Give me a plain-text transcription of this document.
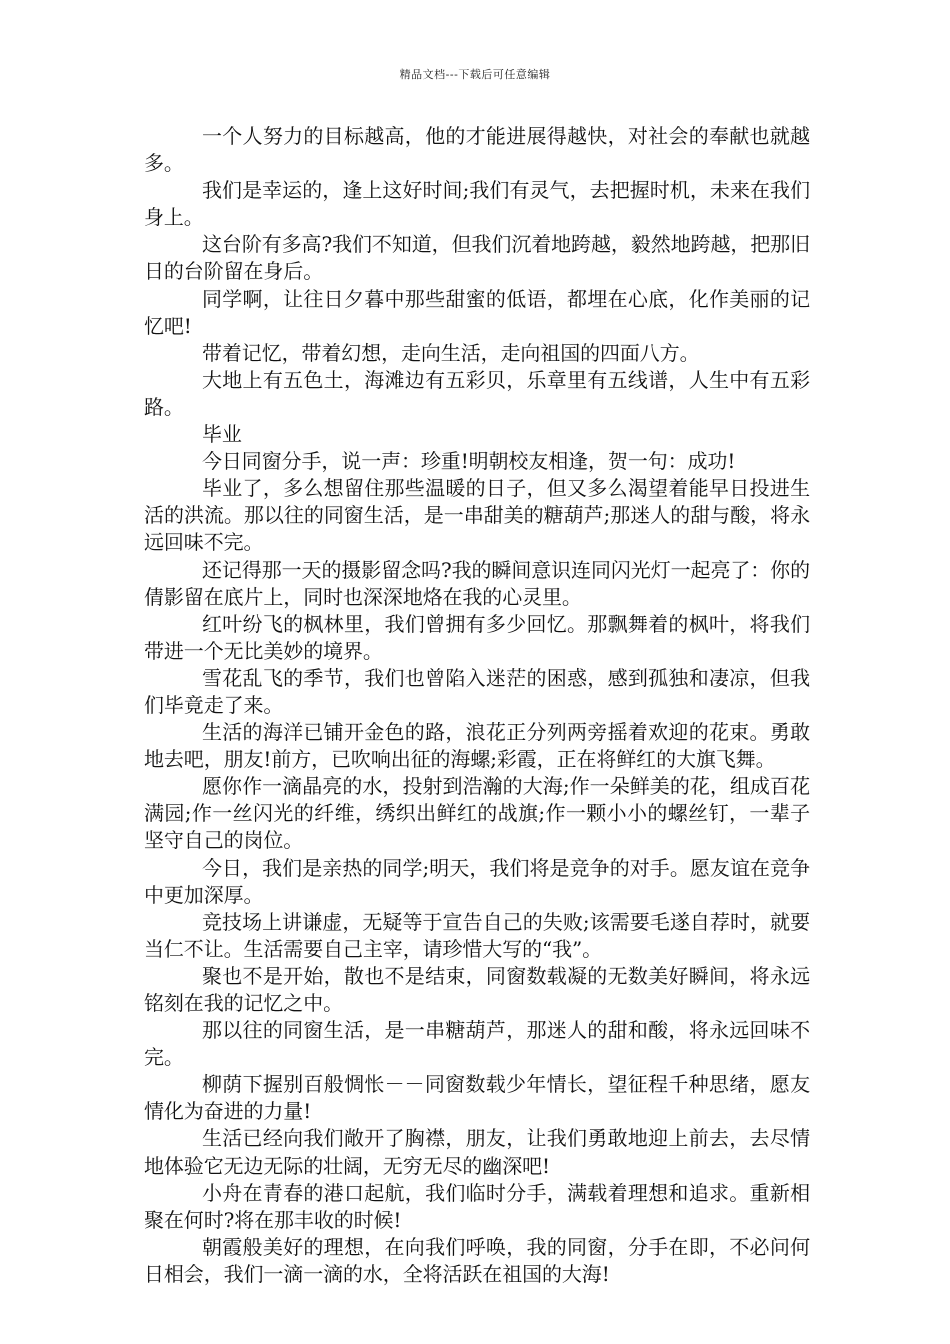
精品文档---下载后可任意编辑

一个人努力的目标越高，他的才能进展得越快，对社会的奉献也就越多。

我们是幸运的，逢上这好时间;我们有灵气，去把握时机，未来在我们身上。

这台阶有多高?我们不知道，但我们沉着地跨越，毅然地跨越，把那旧日的台阶留在身后。

同学啊，让往日夕暮中那些甜蜜的低语，都埋在心底，化作美丽的记忆吧!

带着记忆，带着幻想，走向生活，走向祖国的四面八方。

大地上有五色土，海滩边有五彩贝，乐章里有五线谱，人生中有五彩路。

毕业

今日同窗分手，说一声：珍重!明朝校友相逢，贺一句：成功!

毕业了，多么想留住那些温暖的日子，但又多么渴望着能早日投进生活的洪流。那以往的同窗生活，是一串甜美的糖葫芦;那迷人的甜与酸，将永远回味不完。

还记得那一天的摄影留念吗?我的瞬间意识连同闪光灯一起亮了：你的倩影留在底片上，同时也深深地烙在我的心灵里。

红叶纷飞的枫林里，我们曾拥有多少回忆。那飘舞着的枫叶，将我们带进一个无比美妙的境界。

雪花乱飞的季节，我们也曾陷入迷茫的困惑，感到孤独和凄凉，但我们毕竟走了来。

生活的海洋已铺开金色的路，浪花正分列两旁摇着欢迎的花束。勇敢地去吧，朋友!前方，已吹响出征的海螺;彩霞，正在将鲜红的大旗飞舞。

愿你作一滴晶亮的水，投射到浩瀚的大海;作一朵鲜美的花，组成百花满园;作一丝闪光的纤维，绣织出鲜红的战旗;作一颗小小的螺丝钉，一辈子坚守自己的岗位。

今日，我们是亲热的同学;明天，我们将是竞争的对手。愿友谊在竞争中更加深厚。

竞技场上讲谦虚，无疑等于宣告自己的失败;该需要毛遂自荐时，就要当仁不让。生活需要自己主宰，请珍惜大写的“我”。

聚也不是开始，散也不是结束，同窗数载凝的无数美好瞬间，将永远铭刻在我的记忆之中。

那以往的同窗生活，是一串糖葫芦，那迷人的甜和酸，将永远回味不完。

柳荫下握别百般惆怅－－同窗数载少年情长，望征程千种思绪，愿友情化为奋进的力量!

生活已经向我们敞开了胸襟，朋友，让我们勇敢地迎上前去，去尽情地体验它无边无际的壮阔，无穷无尽的幽深吧!

小舟在青春的港口起航，我们临时分手，满载着理想和追求。重新相聚在何时?将在那丰收的时候!

朝霞般美好的理想，在向我们呼唤，我的同窗，分手在即，不必问何日相会，我们一滴一滴的水，全将活跃在祖国的大海!
